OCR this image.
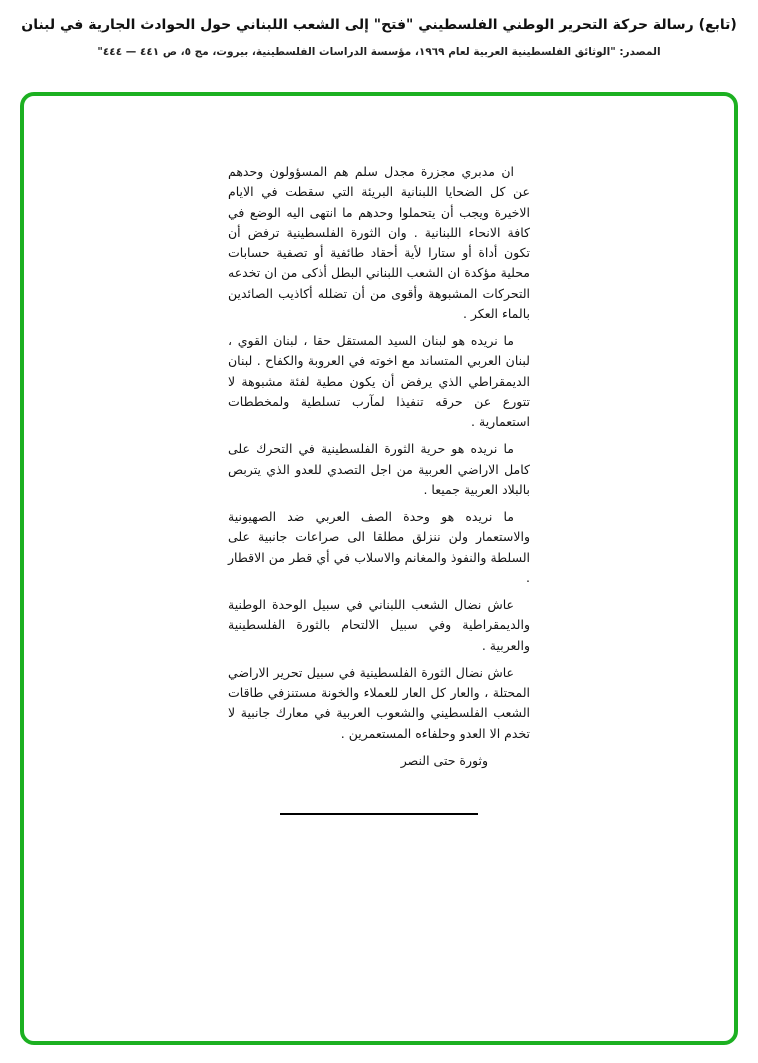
(تابع) رسالة حركة التحرير الوطني الفلسطيني "فتح" إلى الشعب اللبناني حول الحوادث الجارية في لبنان
المصدر: "الوثائق الفلسطينية العربية لعام ١٩٦٩، مؤسسة الدراسات الفلسطينية، بيروت، مج ٥، ص ٤٤١ — ٤٤٤"

ان مدبري مجزرة مجدل سلم هم المسؤولون وحدهم عن كل الضحايا اللبنانية البريئة التي سقطت في الايام الاخيرة ويجب أن يتحملوا وحدهم ما انتهى اليه الوضع في كافة الانحاء اللبنانية . وان الثورة الفلسطينية ترفض أن تكون أداة أو ستارا لأية أحقاد طائفية أو تصفية حسابات محلية مؤكدة ان الشعب اللبناني البطل أذكى من ان تخدعه التحركات المشبوهة وأقوى من أن تضلله أكاذيب الصائدين بالماء العكر .

ما نريده هو لبنان السيد المستقل حقا ، لبنان القوي ، لبنان العربي المتساند مع اخوته في العروبة والكفاح . لبنان الديمقراطي الذي يرفض أن يكون مطية لفئة مشبوهة لا تتورع عن حرقه تنفيذا لمآرب تسلطية ولمخططات استعمارية .

ما نريده هو حرية الثورة الفلسطينية في التحرك على كامل الاراضي العربية من اجل التصدي للعدو الذي يتربص بالبلاد العربية جميعا .

ما نريده هو وحدة الصف العربي ضد الصهيونية والاستعمار ولن ننزلق مطلقا الى صراعات جانبية على السلطة والنفوذ والمغانم والاسلاب في أي قطر من الاقطار .

عاش نضال الشعب اللبناني في سبيل الوحدة الوطنية والديمقراطية وفي سبيل الالتحام بالثورة الفلسطينية والعربية .

عاش نضال الثورة الفلسطينية في سبيل تحرير الاراضي المحتلة ، والعار كل العار للعملاء والخونة مستنزفي طاقات الشعب الفلسطيني والشعوب العربية في معارك جانبية لا تخدم الا العدو وحلفاءه المستعمرين .

وثورة حتى النصر
